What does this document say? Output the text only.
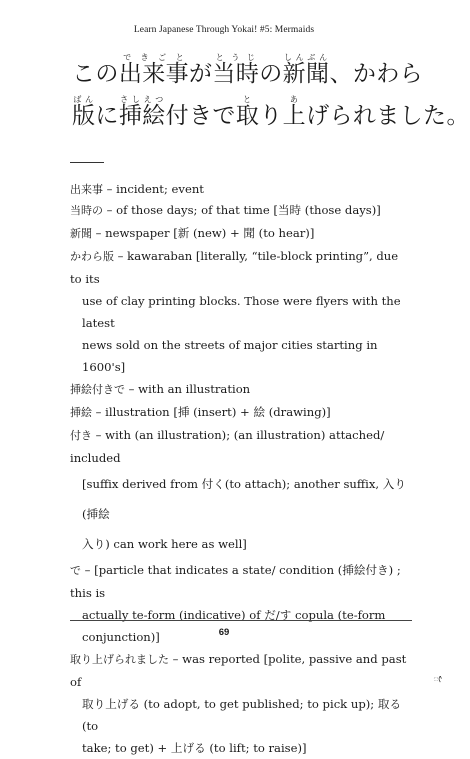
Learn Japanese Through Yokai! #5: Mermaids
この出来事できごとが当時とうじの新聞しんぶん、かわら
版ばんに挿絵さしえつ付きで取とり上あげられました。

出来事 – incident; event

当時の – of those days; of that time [当時 (those days)]

新聞 – newspaper [新 (new) + 聞 (to hear)]

かわら版 – kawaraban [literally, “tile-block printing”, due to its

use of clay printing blocks. Those were flyers with the latest

news sold on the streets of major cities starting in 1600's]

挿絵付きで – with an illustration

挿絵 – illustration [挿 (insert) + 絵 (drawing)]

付き – with (an illustration); (an illustration) attached/ included

[suffix derived from 付く(to attach); another suffix, 入り(挿絵

入り) can work here as well]

で – [particle that indicates a state/ condition (挿絵付き) ; this is

actually te-form (indicative) of だ/す copula (te-form

conjunction)]

取り上げられました – was reported [polite, passive and past of

取り上げる (to adopt, to get published; to pick up); 取る (to

take; to get) + 上げる (to lift; to raise)]

69
ᰦ
